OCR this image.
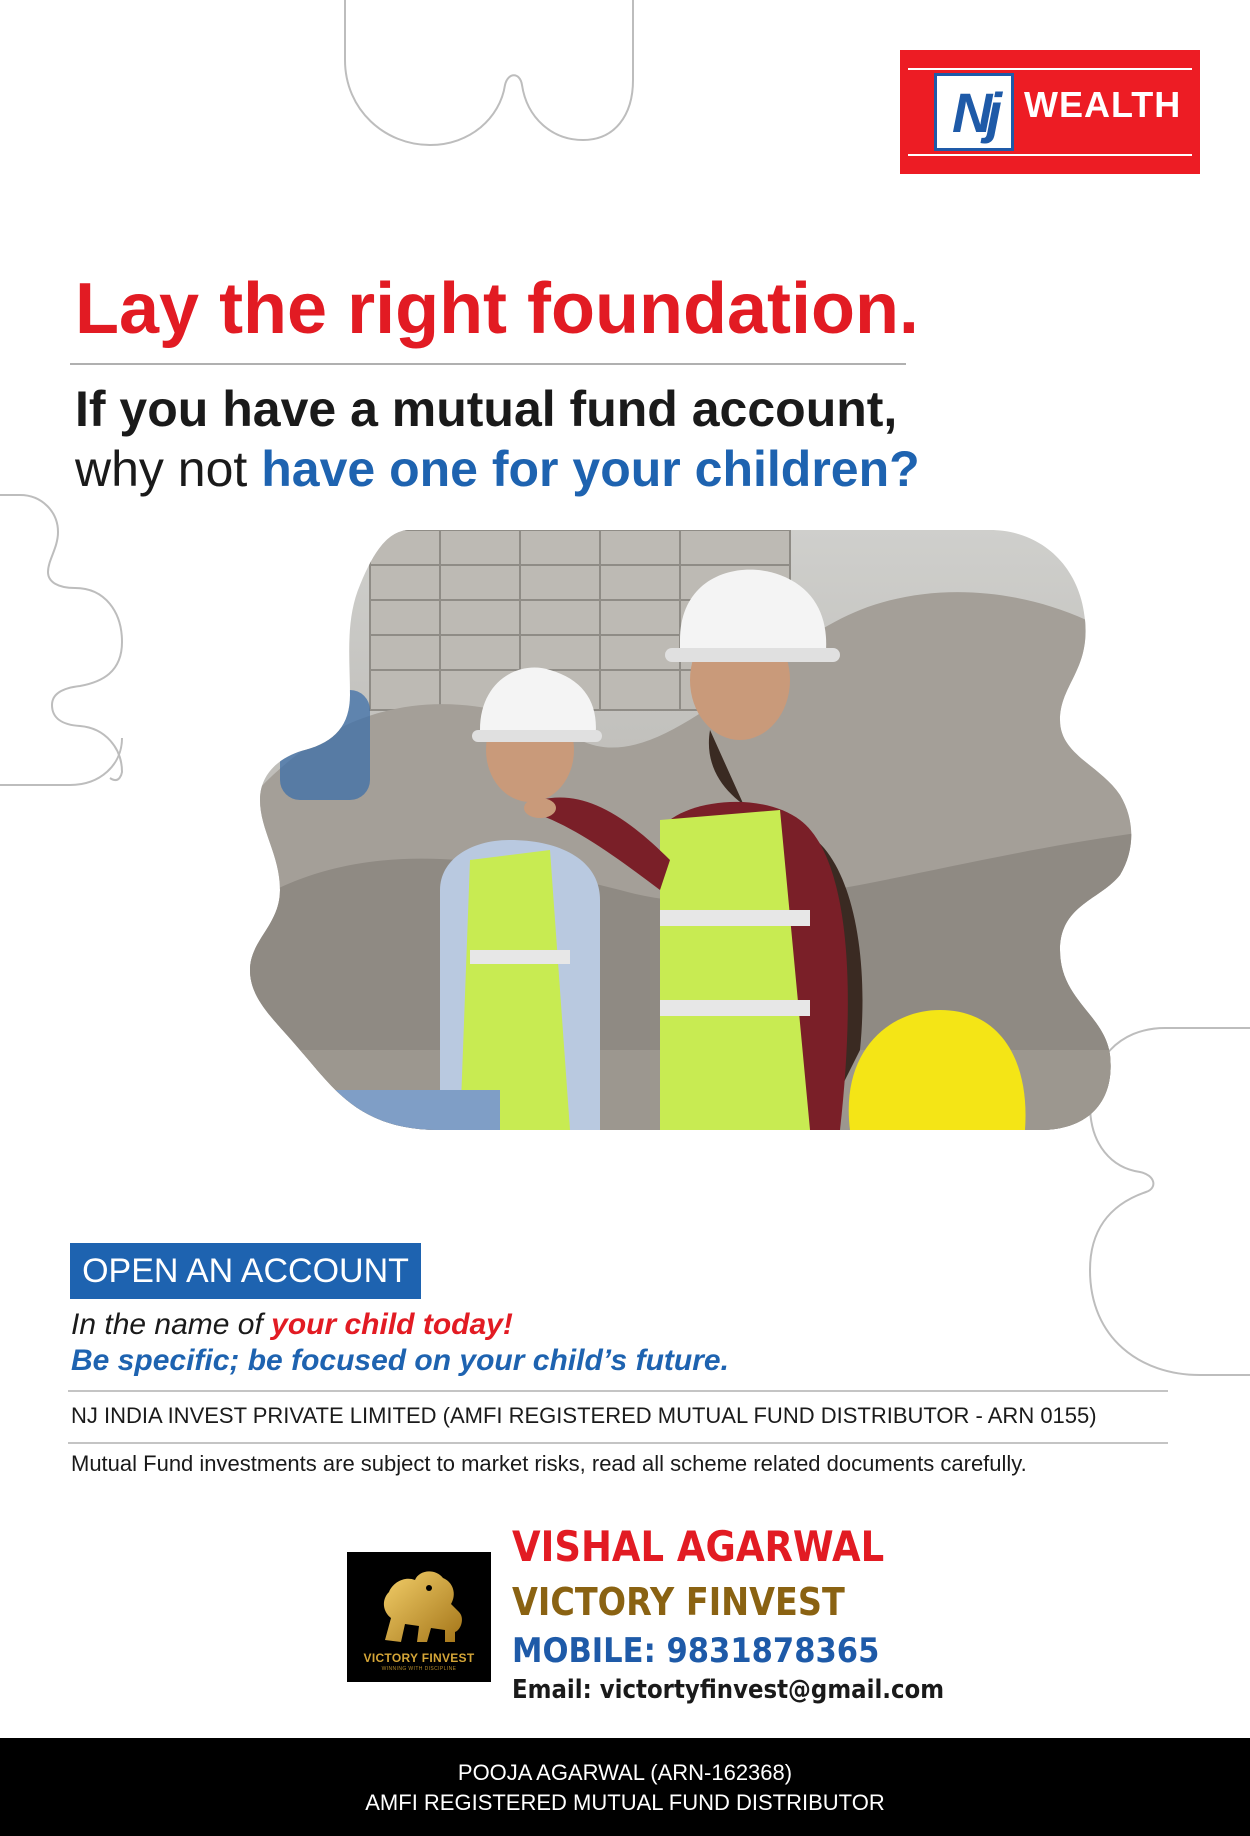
Nj WEALTH
Lay the right foundation.
If you have a mutual fund account,
why not have one for your children?
OPEN AN ACCOUNT
In the name of your child today!
Be specific; be focused on your child’s future.
NJ INDIA INVEST PRIVATE LIMITED (AMFI REGISTERED MUTUAL FUND DISTRIBUTOR - ARN 0155)
Mutual Fund investments are subject to market risks, read all scheme related documents carefully.
VICTORY FINVEST
WINNING WITH DISCIPLINE
VISHAL AGARWAL
VICTORY FINVEST
MOBILE: 9831878365
Email: victortyfinvest@gmail.com
POOJA AGARWAL (ARN-162368)
AMFI REGISTERED MUTUAL FUND DISTRIBUTOR
